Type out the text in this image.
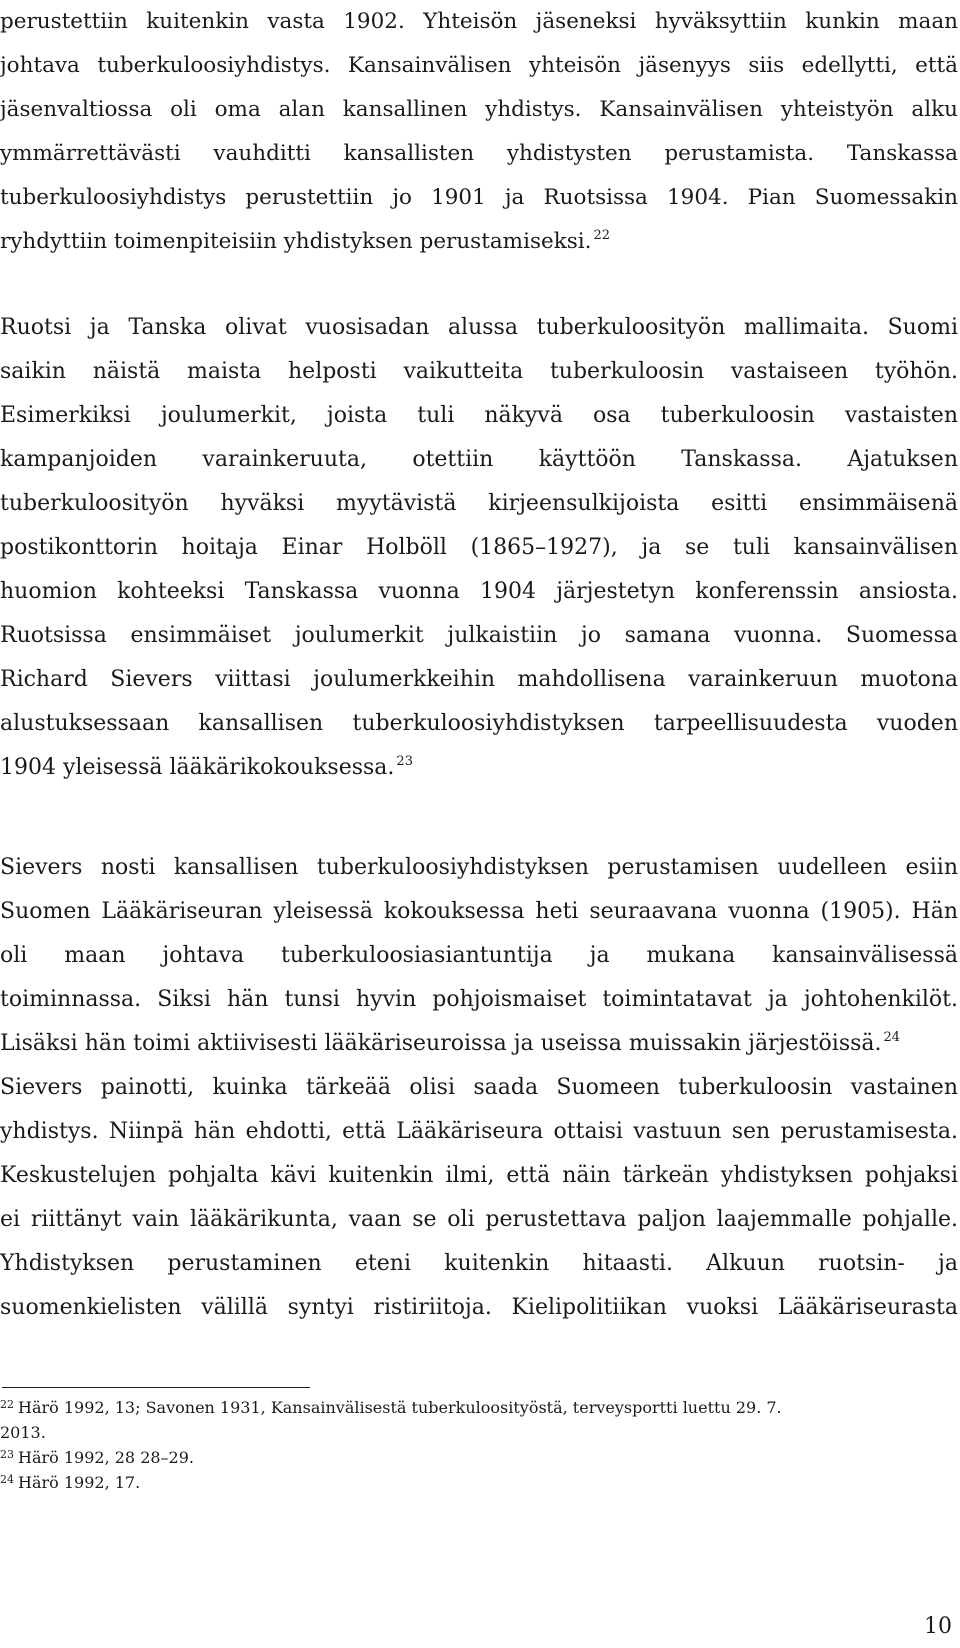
perustettiin kuitenkin vasta 1902. Yhteisön jäseneksi hyväksyttiin kunkin maan
johtava tuberkuloosiyhdistys. Kansainvälisen yhteisön jäsenyys siis edellytti, että
jäsenvaltiossa oli oma alan kansallinen yhdistys. Kansainvälisen yhteistyön alku
ymmärrettävästi vauhditti kansallisten yhdistysten perustamista. Tanskassa
tuberkuloosiyhdistys perustettiin jo 1901 ja Ruotsissa 1904. Pian Suomessakin
ryhdyttiin toimenpiteisiin yhdistyksen perustamiseksi. $^{22}$
Ruotsi ja Tanska olivat vuosisadan alussa tuberkuloosityön mallimaita. Suomi
saikin näistä maista helposti vaikutteita tuberkuloosin vastaiseen työhön.
Esimerkiksi joulumerkit, joista tuli näkyvä osa tuberkuloosin vastaisten
kampanjoiden varainkeruuta, otettiin käyttöön Tanskassa. Ajatuksen
tuberkuloosityön hyväksi myytävistä kirjeensulkijoista esitti ensimmäisenä
postikonttorin hoitaja Einar Holböll (1865–1927), ja se tuli kansainvälisen
huomion kohteeksi Tanskassa vuonna 1904 järjestetyn konferenssin ansiosta.
Ruotsissa ensimmäiset joulumerkit julkaistiin jo samana vuonna. Suomessa
Richard Sievers viittasi joulumerkkeihin mahdollisena varainkeruun muotona
alustuksessaan kansallisen tuberkuloosiyhdistyksen tarpeellisuudesta vuoden
1904 yleisessä lääkärikokouksessa. $^{23}$
Sievers nosti kansallisen tuberkuloosiyhdistyksen perustamisen uudelleen esiin
Suomen Lääkäriseuran yleisessä kokouksessa heti seuraavana vuonna (1905). Hän
oli maan johtava tuberkuloosiasiantuntija ja mukana kansainvälisessä
toiminnassa. Siksi hän tunsi hyvin pohjoismaiset toimintatavat ja johtohenkilöt.
Lisäksi hän toimi aktiivisesti lääkäriseuroissa ja useissa muissakin järjestöissä. $^{24}$
Sievers painotti, kuinka tärkeää olisi saada Suomeen tuberkuloosin vastainen
yhdistys. Niinpä hän ehdotti, että Lääkäriseura ottaisi vastuun sen perustamisesta.
Keskustelujen pohjalta kävi kuitenkin ilmi, että näin tärkeän yhdistyksen pohjaksi
ei riittänyt vain lääkärikunta, vaan se oli perustettava paljon laajemmalle pohjalle.
Yhdistyksen perustaminen eteni kuitenkin hitaasti. Alkuun ruotsin- ja
suomenkielisten välillä syntyi ristiriitoja. Kielipolitiikan vuoksi Lääkäriseurasta
$^{22}$ Härö 1992, 13; Savonen 1931, Kansainvälisestä tuberkuloosityöstä, terveysportti luettu 29. 7.
2013.
$^{23}$ Härö 1992, 28 28–29.
$^{24}$ Härö 1992, 17.
10
